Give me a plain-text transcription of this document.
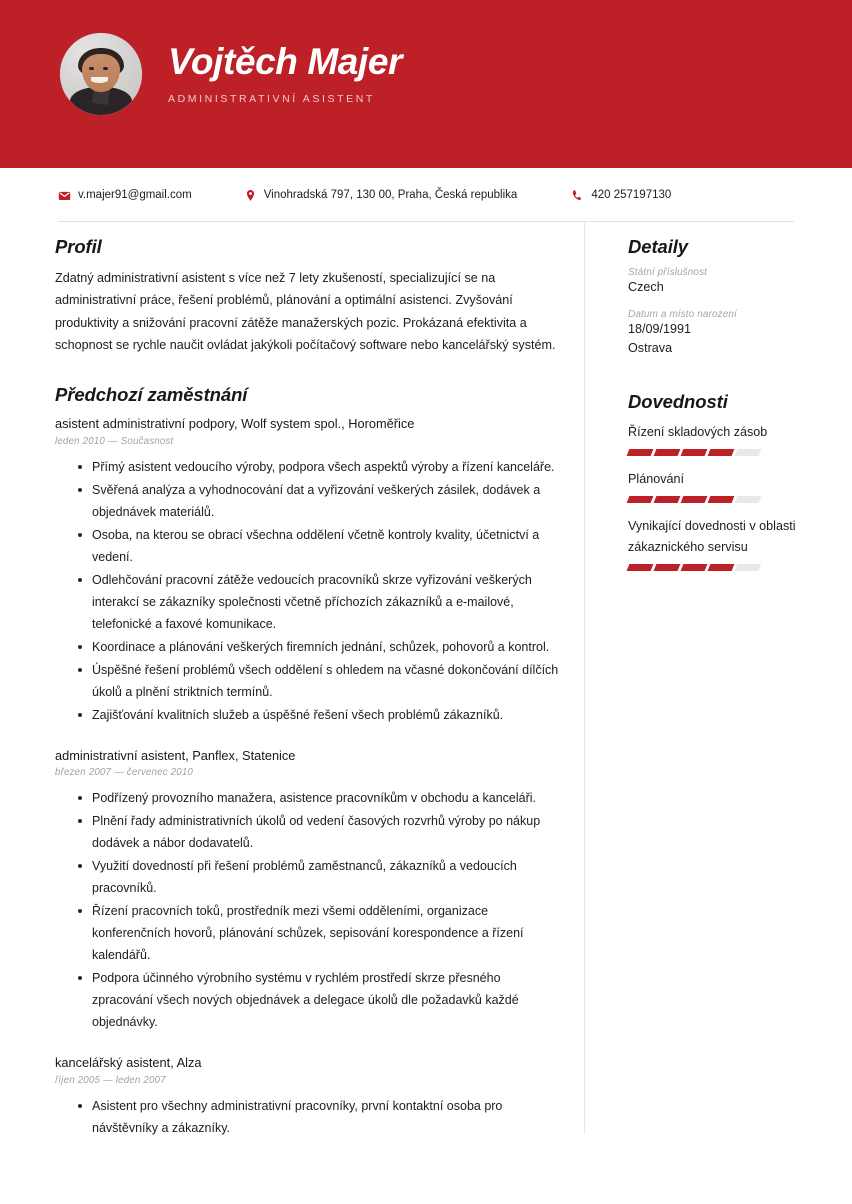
Vojtěch Majer
ADMINISTRATIVNÍ ASISTENT
v.majer91@gmail.com	Vinohradská 797, 130 00, Praha, Česká republika	420 257197130
Profil

Zdatný administrativní asistent s více než 7 lety zkušeností, specializující se na administrativní práce, řešení problémů, plánování a optimální asistenci. Zvyšování produktivity a snižování pracovní zátěže manažerských pozic. Prokázaná efektivita a schopnost se rychle naučit ovládat jakýkoli počítačový software nebo kancelářský systém.

Předchozí zaměstnání
asistent administrativní podpory, Wolf system spol., Horoměřice
leden 2010 — Současnost
Přímý asistent vedoucího výroby, podpora všech aspektů výroby a řízení kanceláře.
Svěřená analýza a vyhodnocování dat a vyřizování veškerých zásilek, dodávek a objednávek materiálů.
Osoba, na kterou se obrací všechna oddělení včetně kontroly kvality, účetnictví a vedení.
Odlehčování pracovní zátěže vedoucích pracovníků skrze vyřizování veškerých interakcí se zákazníky společnosti včetně příchozích zákazníků a e-mailové, telefonické a faxové komunikace.
Koordinace a plánování veškerých firemních jednání, schůzek, pohovorů a kontrol.
Úspěšné řešení problémů všech oddělení s ohledem na včasné dokončování dílčích úkolů a plnění striktních termínů.
Zajišťování kvalitních služeb a úspěšné řešení všech problémů zákazníků.
administrativní asistent, Panflex, Statenice
březen 2007 — červenec 2010
Podřízený provozního manažera, asistence pracovníkům v obchodu a kanceláři.
Plnění řady administrativních úkolů od vedení časových rozvrhů výroby po nákup dodávek a nábor dodavatelů.
Využití dovedností při řešení problémů zaměstnanců, zákazníků a vedoucích pracovníků.
Řízení pracovních toků, prostředník mezi všemi odděleními, organizace konferenčních hovorů, plánování schůzek, sepisování korespondence a řízení kalendářů.
Podpora účinného výrobního systému v rychlém prostředí skrze přesného zpracování všech nových objednávek a delegace úkolů dle požadavků každé objednávky.
kancelářský asistent, Alza
říjen 2005 — leden 2007
Asistent pro všechny administrativní pracovníky, první kontaktní osoba pro návštěvníky a zákazníky.
Detaily
Státní příslušnost
Czech
Datum a místo narození
18/09/1991
Ostrava
Dovednosti
Řízení skladových zásob
Plánování
Vynikající dovednosti v oblasti zákaznického servisu
